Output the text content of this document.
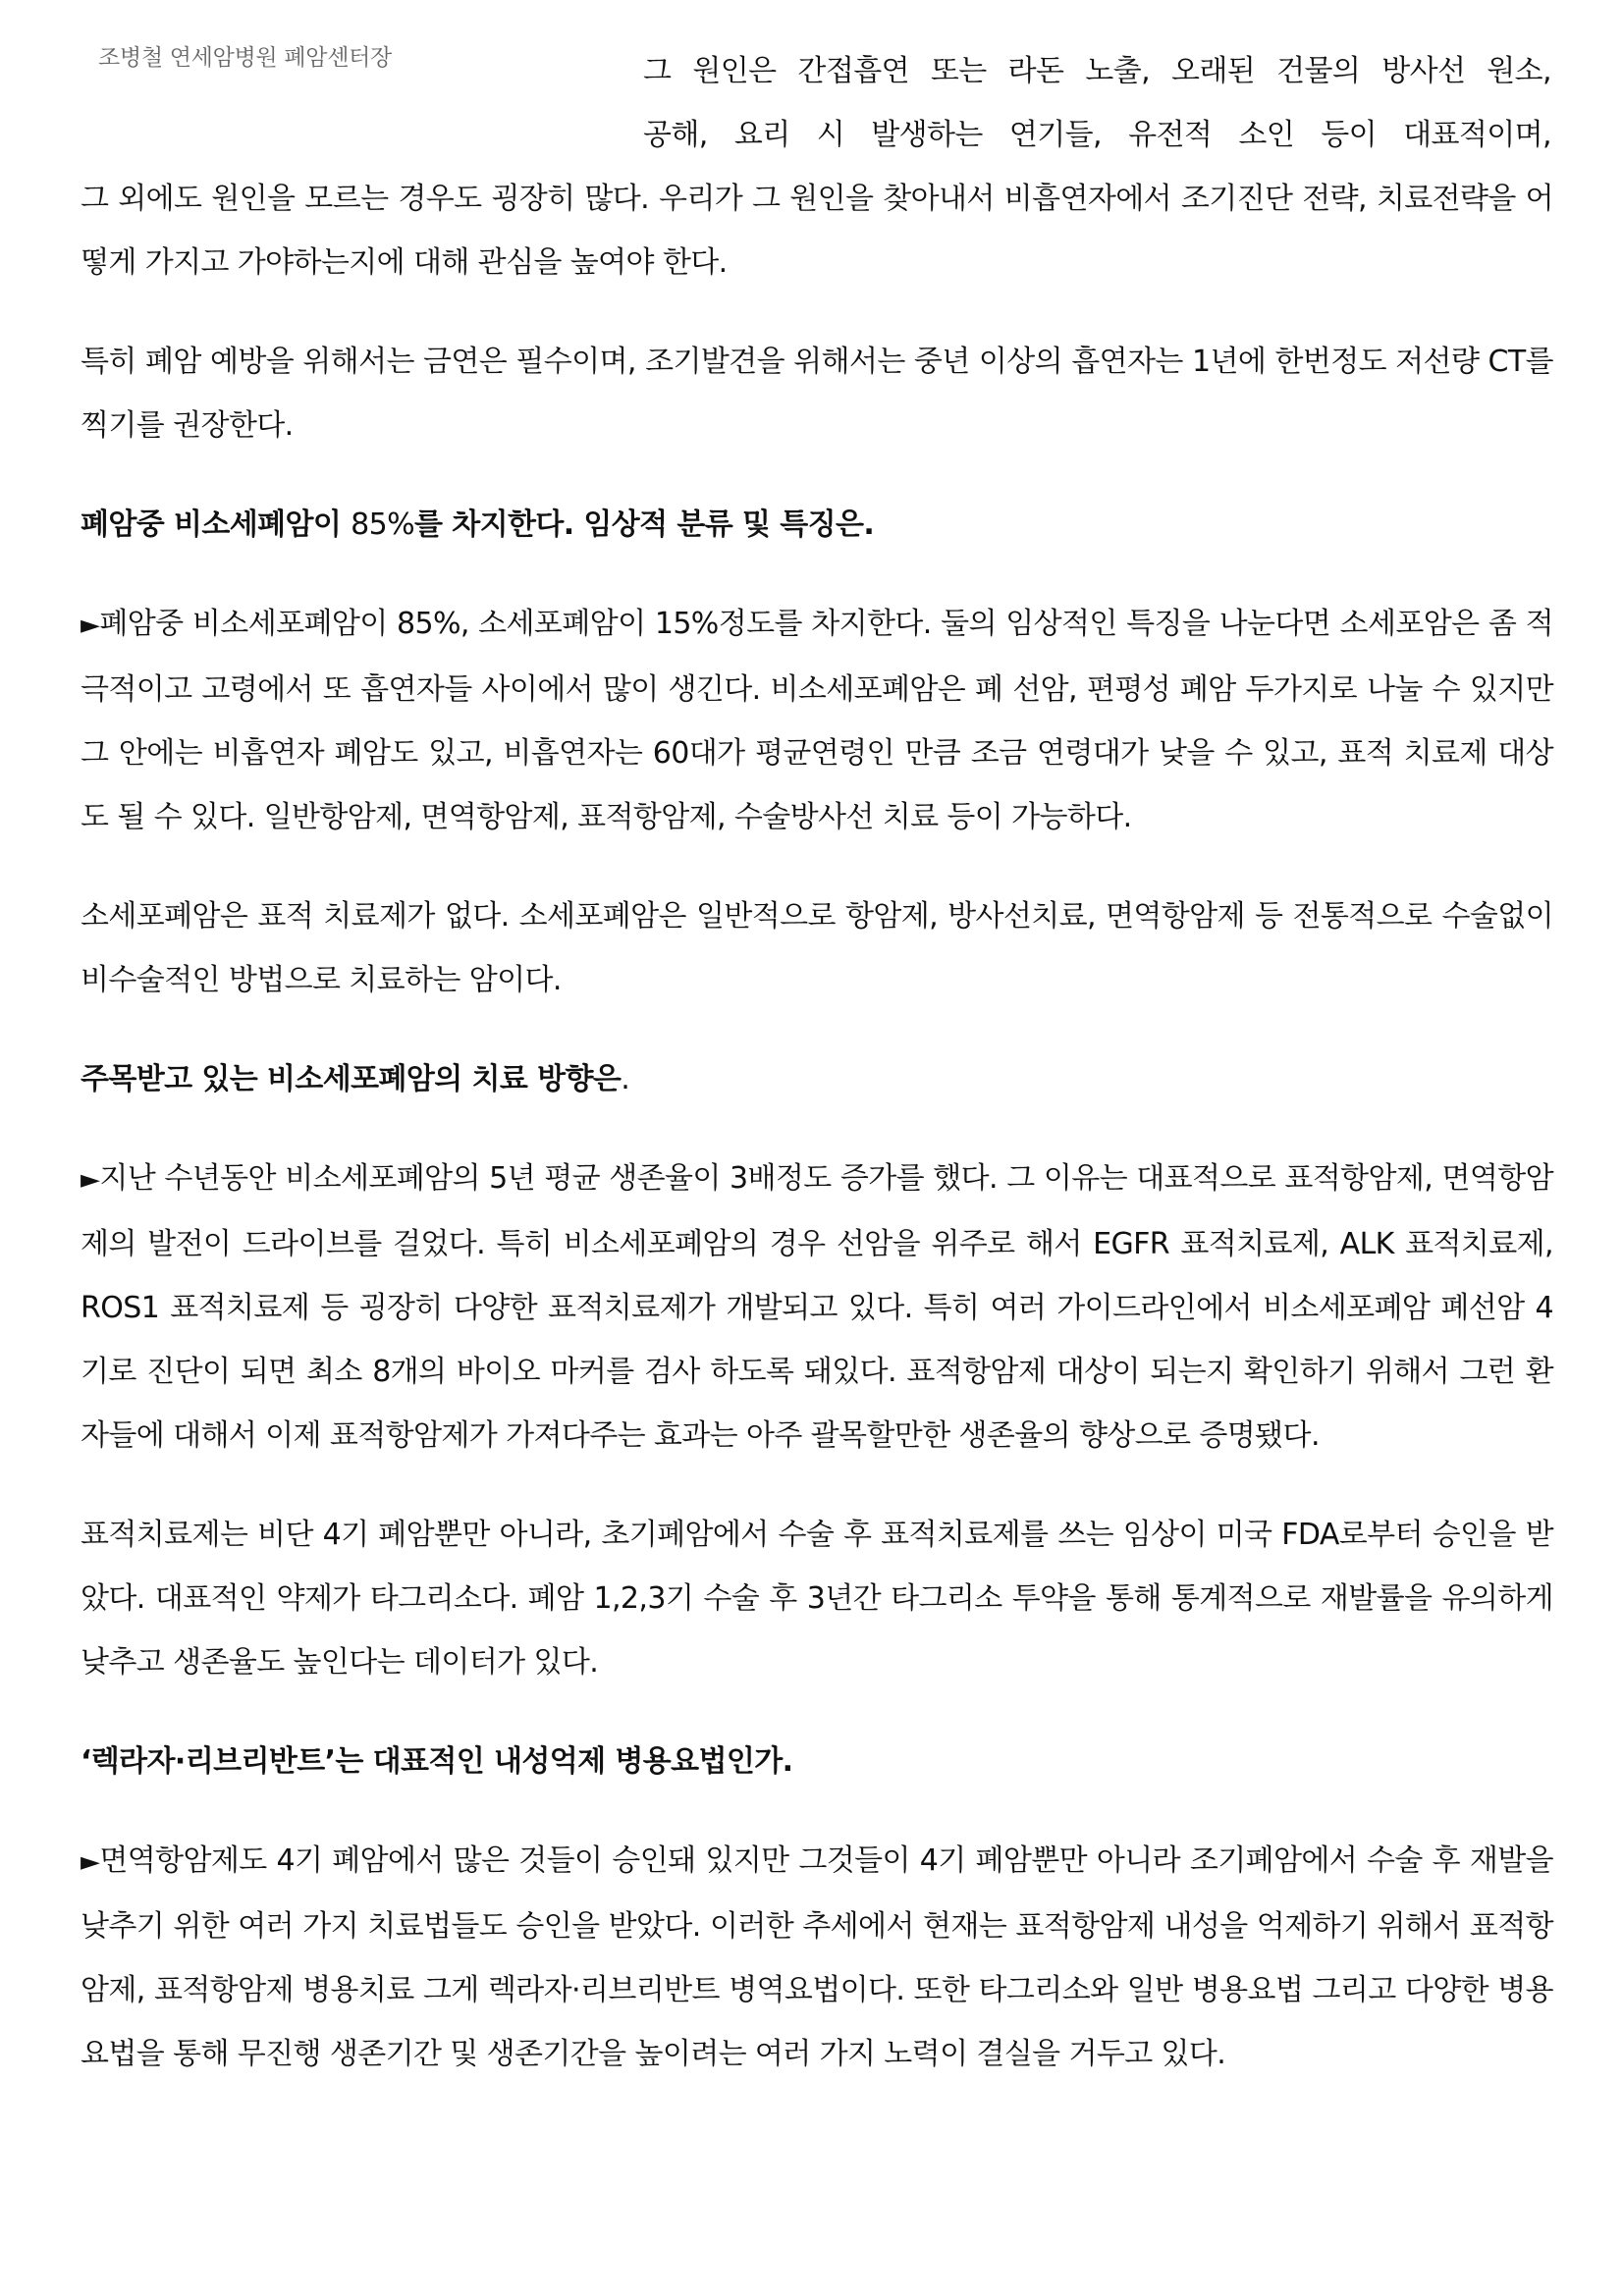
조병철 연세암병원 폐암센터장	그 원인은 간접흡연 또는 라돈 노출, 오래된 건물의 방사선 원소,
공해, 요리 시 발생하는 연기들, 유전적 소인 등이 대표적이며,

그 외에도 원인을 모르는 경우도 굉장히 많다. 우리가 그 원인을 찾아내서 비흡연자에서 조기진단 전략, 치료전략을 어떻게 가지고 가야하는지에 대해 관심을 높여야 한다.

특히 폐암 예방을 위해서는 금연은 필수이며, 조기발견을 위해서는 중년 이상의 흡연자는 1년에 한번정도 저선량 CT를 찍기를 권장한다.

폐암중 비소세폐암이 85%를 차지한다. 임상적 분류 및 특징은.

►폐암중 비소세포폐암이 85%, 소세포폐암이 15%정도를 차지한다. 둘의 임상적인 특징을 나눈다면 소세포암은 좀 적극적이고 고령에서 또 흡연자들 사이에서 많이 생긴다. 비소세포폐암은 폐 선암, 편평성 폐암 두가지로 나눌 수 있지만 그 안에는 비흡연자 폐암도 있고, 비흡연자는 60대가 평균연령인 만큼 조금 연령대가 낮을 수 있고, 표적 치료제 대상도 될 수 있다. 일반항암제, 면역항암제, 표적항암제, 수술방사선 치료 등이 가능하다.

소세포폐암은 표적 치료제가 없다. 소세포폐암은 일반적으로 항암제, 방사선치료, 면역항암제 등 전통적으로 수술없이 비수술적인 방법으로 치료하는 암이다.

주목받고 있는 비소세포폐암의 치료 방향은.

►지난 수년동안 비소세포폐암의 5년 평균 생존율이 3배정도 증가를 했다. 그 이유는 대표적으로 표적항암제, 면역항암제의 발전이 드라이브를 걸었다. 특히 비소세포폐암의 경우 선암을 위주로 해서 EGFR 표적치료제, ALK 표적치료제, ROS1 표적치료제 등 굉장히 다양한 표적치료제가 개발되고 있다. 특히 여러 가이드라인에서 비소세포폐암 폐선암 4기로 진단이 되면 최소 8개의 바이오 마커를 검사 하도록 돼있다. 표적항암제 대상이 되는지 확인하기 위해서 그런 환자들에 대해서 이제 표적항암제가 가져다주는 효과는 아주 괄목할만한 생존율의 향상으로 증명됐다.

표적치료제는 비단 4기 폐암뿐만 아니라, 초기폐암에서 수술 후 표적치료제를 쓰는 임상이 미국 FDA로부터 승인을 받았다. 대표적인 약제가 타그리소다. 폐암 1,2,3기 수술 후 3년간 타그리소 투약을 통해 통계적으로 재발률을 유의하게 낮추고 생존율도 높인다는 데이터가 있다.

‘렉라자·리브리반트’는 대표적인 내성억제 병용요법인가.

►면역항암제도 4기 폐암에서 많은 것들이 승인돼 있지만 그것들이 4기 폐암뿐만 아니라 조기폐암에서 수술 후 재발을 낮추기 위한 여러 가지 치료법들도 승인을 받았다. 이러한 추세에서 현재는 표적항암제 내성을 억제하기 위해서 표적항암제, 표적항암제 병용치료 그게 렉라자·리브리반트 병역요법이다. 또한 타그리소와 일반 병용요법 그리고 다양한 병용요법을 통해 무진행 생존기간 및 생존기간을 높이려는 여러 가지 노력이 결실을 거두고 있다.
